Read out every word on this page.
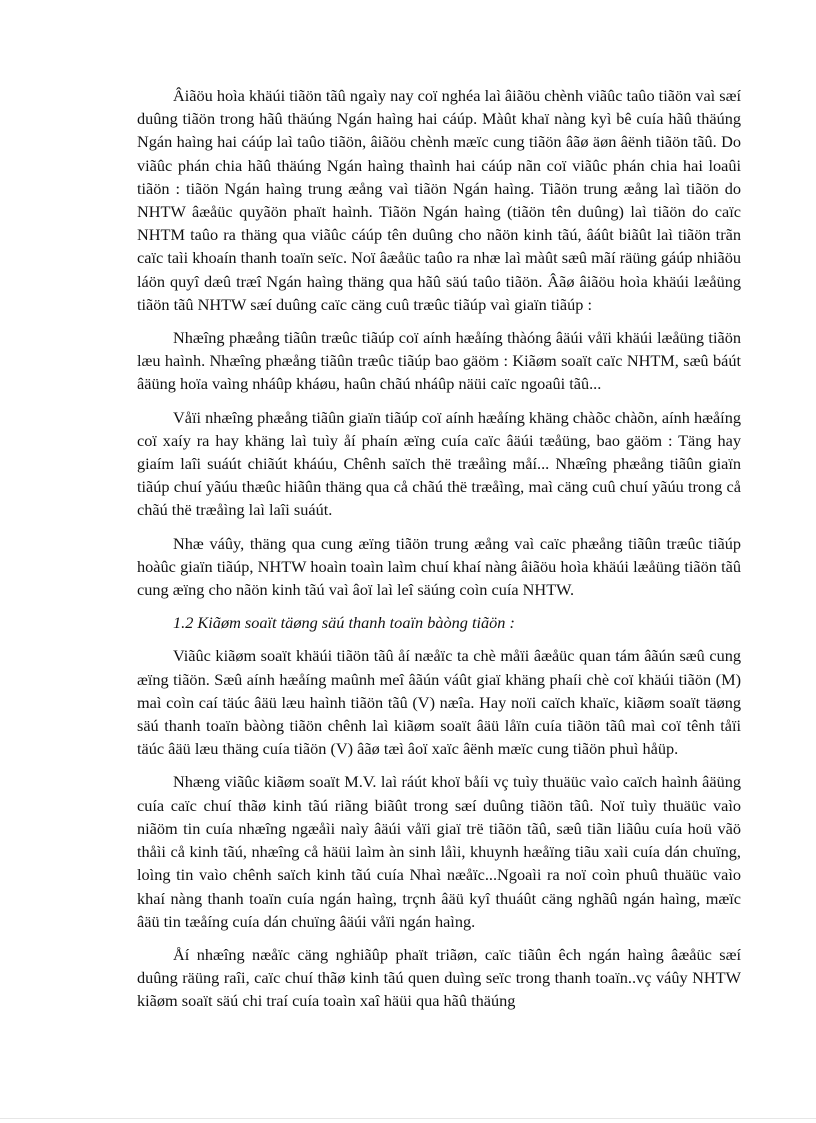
Âiãöu hoìa khäúi tiãön tãû ngaìy nay coï nghéa laì âiãöu chènh viãûc taûo tiãön vaì sæí duûng tiãön trong hãû thäúng Ngán haìng hai cáúp. Màût khaï nàng kyì bê cuía hãû thäúng Ngán haìng hai cáúp laì taûo tiãön, âiãöu chènh mæïc cung tiãön âãø äøn âënh tiãön tãû. Do viãûc phán chia hãû thäúng Ngán haìng thaình hai cáúp nãn coï viãûc phán chia hai loaûi tiãön : tiãön Ngán haìng trung æång vaì tiãön Ngán haìng. Tiãön trung æång laì tiãön do NHTW âæåüc quyãön phaït haình. Tiãön Ngán haìng (tiãön tên duûng) laì tiãön do caïc NHTM taûo ra thäng qua viãûc cáúp tên duûng cho nãön kinh tãú, âáût biãût laì tiãön trãn caïc taìi khoaín thanh toaïn seïc. Noï âæåüc taûo ra nhæ laì màût sæû mãí räüng gáúp nhiãöu láön quyî dæû træî Ngán haìng thäng qua hãû säú taûo tiãön. Âãø âiãöu hoìa khäúi læåüng tiãön tãû NHTW sæí duûng caïc cäng cuû træûc tiãúp vaì giaïn tiãúp :

Nhæîng phæång tiãûn træûc tiãúp coï aính hæåíng thàóng âäúi våïi khäúi læåüng tiãön læu haình. Nhæîng phæång tiãûn træûc tiãúp bao gäöm : Kiãøm soaït caïc NHTM, sæû báút âäüng hoïa vaìng nháûp kháøu, haûn chãú nháûp näüi caïc ngoaûi tãû...

Våïi nhæîng phæång tiãûn giaïn tiãúp coï aính hæåíng khäng chàõc chàõn, aính hæåíng coï xaíy ra hay khäng laì tuìy åí phaín æïng cuía caïc âäúi tæåüng, bao gäöm : Täng hay giaím laîi suáút chiãút kháúu, Chênh saïch thë træåìng måí... Nhæîng phæång tiãûn giaïn tiãúp chuí yãúu thæûc hiãûn thäng qua cå chãú thë træåìng, maì cäng cuû chuí yãúu trong cå chãú thë træåìng laì laîi suáút.

Nhæ váûy, thäng qua cung æïng tiãön trung æång vaì caïc phæång tiãûn træûc tiãúp hoàûc giaïn tiãúp, NHTW hoaìn toaìn laìm chuí khaí nàng âiãöu hoìa khäúi læåüng tiãön tãû cung æïng cho nãön kinh tãú vaì âoï laì leî säúng coìn cuía NHTW.

1.2 Kiãøm soaït täøng säú thanh toaïn bàòng tiãön :

Viãûc kiãøm soaït khäúi tiãön tãû åí næåïc ta chè måïi âæåüc quan tám âãún sæû cung æïng tiãön. Sæû aính hæåíng maûnh meî âãún váût giaï khäng phaíi chè coï khäúi tiãön (M) maì coìn caí täúc âäü læu haình tiãön tãû (V) næîa. Hay noïi caïch khaïc, kiãøm soaït täøng säú thanh toaïn bàòng tiãön chênh laì kiãøm soaït âäü låïn cuía tiãön tãû maì coï tênh tåïi täúc âäü læu thäng cuía tiãön (V) âãø tæì âoï xaïc âënh mæïc cung tiãön phuì håüp.

Nhæng viãûc kiãøm soaït M.V. laì ráút khoï båíi vç tuìy thuäüc vaìo caïch haình âäüng cuía caïc chuí thãø kinh tãú riãng biãût trong sæí duûng tiãön tãû. Noï tuìy thuäüc vaìo niãöm tin cuía nhæîng ngæåìi naìy âäúi våïi giaï trë tiãön tãû, sæû tiãn liãûu cuía hoü vãö thåìi cå kinh tãú, nhæîng cå häüi laìm àn sinh låìi, khuynh hæåïng tiãu xaìi cuía dán chuïng, loìng tin vaìo chênh saïch kinh tãú cuía Nhaì næåïc...Ngoaìi ra noï coìn phuû thuäüc vaìo khaí nàng thanh toaïn cuía ngán haìng, trçnh âäü kyî thuáût cäng nghãû ngán haìng, mæïc âäü tin tæåíng cuía dán chuïng âäúi våïi ngán haìng.

Åí nhæîng næåïc cäng nghiãûp phaït triãøn, caïc tiãûn êch ngán haìng âæåüc sæí duûng räüng raîi, caïc chuí thãø kinh tãú quen duìng seïc trong thanh toaïn..vç váûy NHTW kiãøm soaït säú chi traí cuía toaìn xaî häüi qua hãû thäúng
